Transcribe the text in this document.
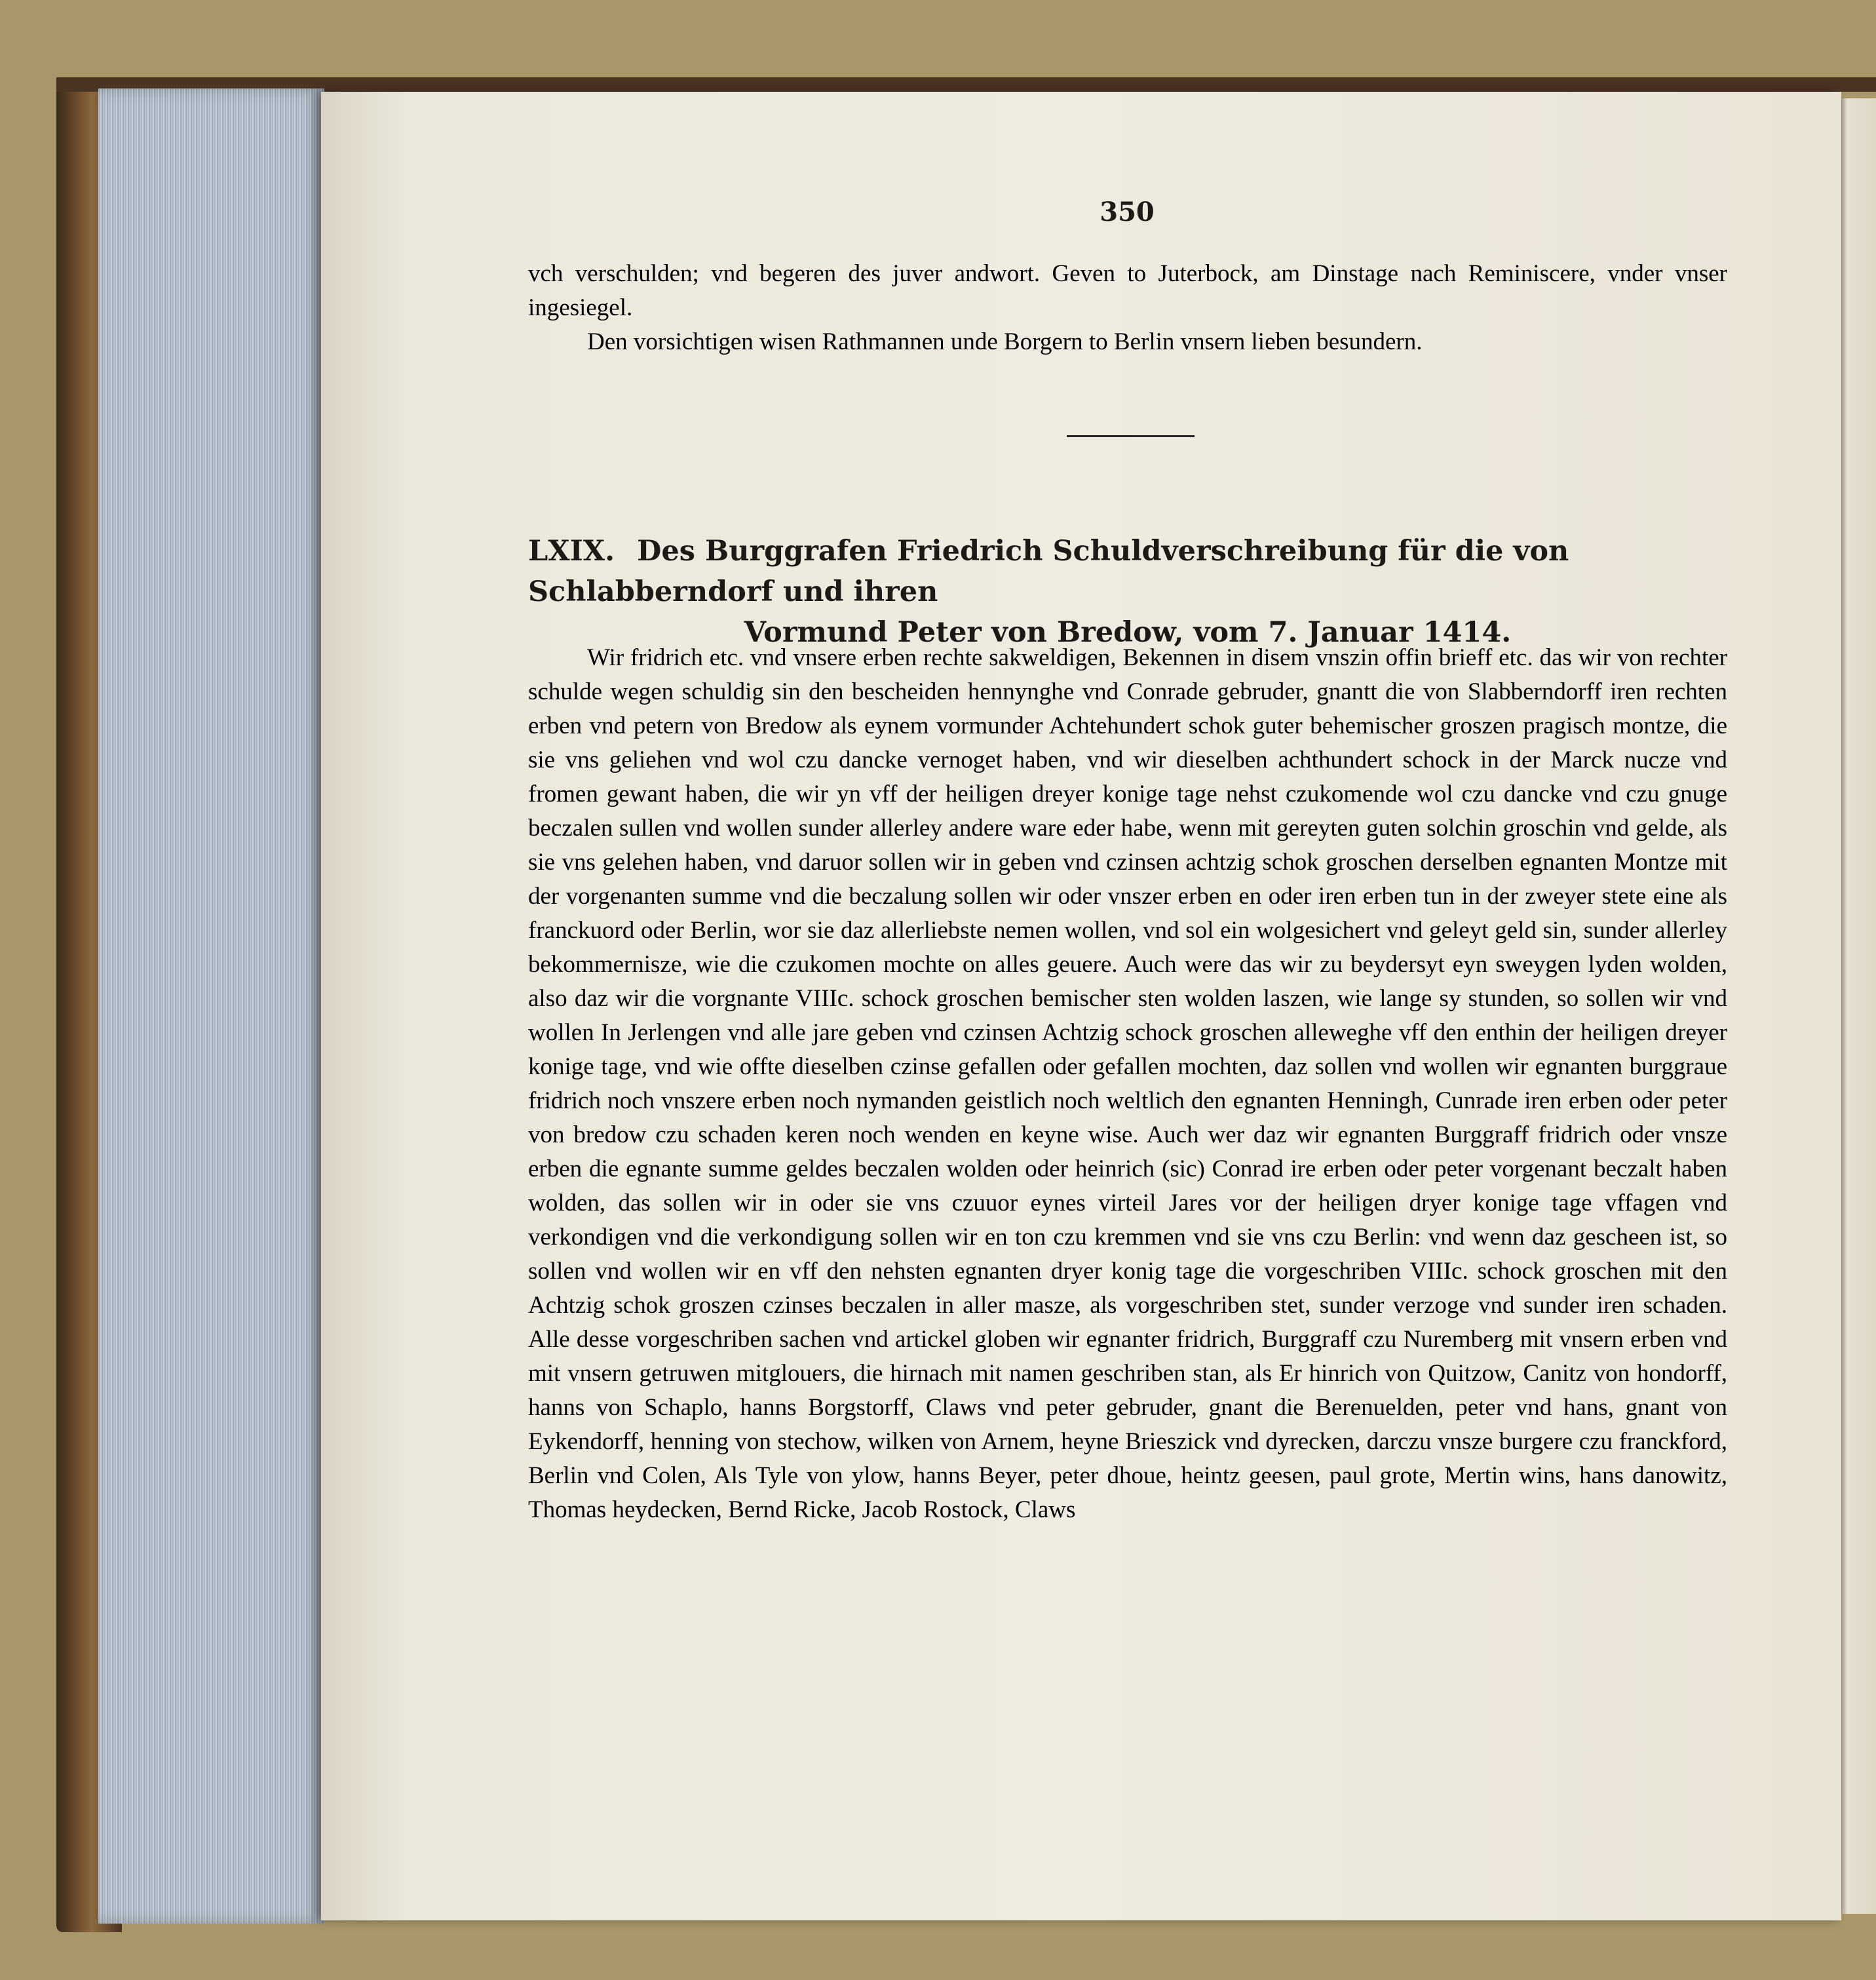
350

vch verschulden; vnd begeren des juver andwort. Geven to Juterbock, am Dinstage nach Reminiscere, vnder vnser ingesiegel.

Den vorsichtigen wisen Rathmannen unde Borgern to Berlin vnsern lieben besundern.

LXIX. Des Burggrafen Friedrich Schuldverschreibung für die von Schlabberndorf und ihren
Vormund Peter von Bredow, vom 7. Januar 1414.

Wir fridrich etc. vnd vnsere erben rechte sakweldigen, Bekennen in disem vnszin offin brieff etc. das wir von rechter schulde wegen schuldig sin den bescheiden hennynghe vnd Conrade gebruder, gnantt die von Slabberndorff iren rechten erben vnd petern von Bredow als eynem vormunder Achtehundert schok guter behemischer groszen pragisch montze, die sie vns geliehen vnd wol czu dancke vernoget haben, vnd wir dieselben achthundert schock in der Marck nucze vnd fromen gewant haben, die wir yn vff der heiligen dreyer konige tage nehst czukomende wol czu dancke vnd czu gnuge beczalen sullen vnd wollen sunder allerley andere ware eder habe, wenn mit gereyten guten solchin groschin vnd gelde, als sie vns gelehen haben, vnd daruor sollen wir in geben vnd czinsen achtzig schok groschen derselben egnanten Montze mit der vorgenanten summe vnd die beczalung sollen wir oder vnszer erben en oder iren erben tun in der zweyer stete eine als franckuord oder Berlin, wor sie daz allerliebste nemen wollen, vnd sol ein wolgesichert vnd geleyt geld sin, sunder allerley bekommernisze, wie die czukomen mochte on alles geuere. Auch were das wir zu beydersyt eyn sweygen lyden wolden, also daz wir die vorgnante VIIIc. schock groschen bemischer sten wolden laszen, wie lange sy stunden, so sollen wir vnd wollen In Jerlengen vnd alle jare geben vnd czinsen Achtzig schock groschen alleweghe vff den enthin der heiligen dreyer konige tage, vnd wie offte dieselben czinse gefallen oder gefallen mochten, daz sollen vnd wollen wir egnanten burggraue fridrich noch vnszere erben noch nymanden geistlich noch weltlich den egnanten Henningh, Cunrade iren erben oder peter von bredow czu schaden keren noch wenden en keyne wise. Auch wer daz wir egnanten Burggraff fridrich oder vnsze erben die egnante summe geldes beczalen wolden oder heinrich (sic) Conrad ire erben oder peter vorgenant beczalt haben wolden, das sollen wir in oder sie vns czuuor eynes virteil Jares vor der heiligen dryer konige tage vffagen vnd verkondigen vnd die verkondigung sollen wir en ton czu kremmen vnd sie vns czu Berlin: vnd wenn daz gescheen ist, so sollen vnd wollen wir en vff den nehsten egnanten dryer konig tage die vorgeschriben VIIIc. schock groschen mit den Achtzig schok groszen czinses beczalen in aller masze, als vorgeschriben stet, sunder verzoge vnd sunder iren schaden. Alle desse vorgeschriben sachen vnd artickel globen wir egnanter fridrich, Burggraff czu Nuremberg mit vnsern erben vnd mit vnsern getruwen mitglouers, die hirnach mit namen geschriben stan, als Er hinrich von Quitzow, Canitz von hondorff, hanns von Schaplo, hanns Borgstorff, Claws vnd peter gebruder, gnant die Berenuelden, peter vnd hans, gnant von Eykendorff, henning von stechow, wilken von Arnem, heyne Brieszick vnd dyrecken, darczu vnsze burgere czu franckford, Berlin vnd Colen, Als Tyle von ylow, hanns Beyer, peter dhoue, heintz geesen, paul grote, Mertin wins, hans danowitz, Thomas heydecken, Bernd Ricke, Jacob Rostock, Claws
